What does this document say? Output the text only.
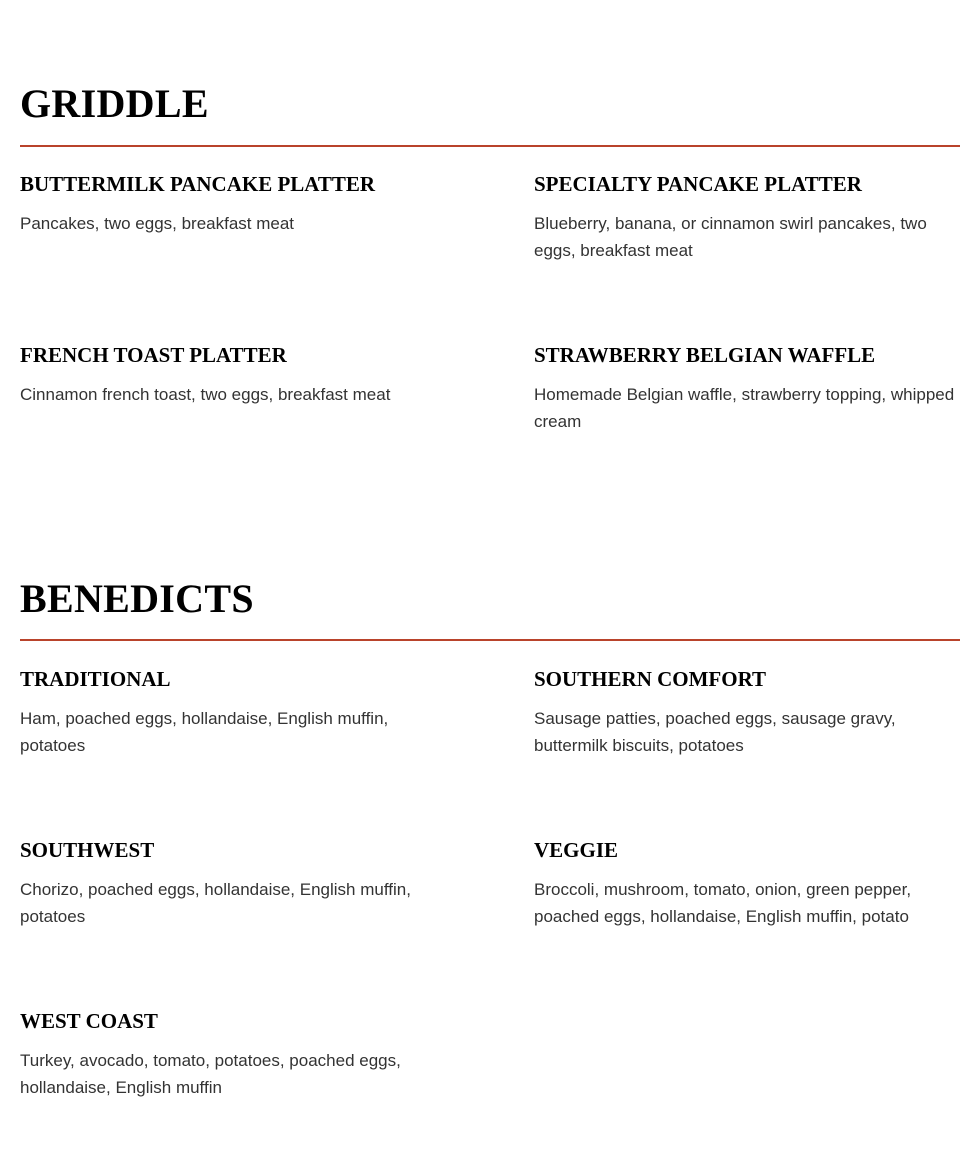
GRIDDLE
BUTTERMILK PANCAKE PLATTER

Pancakes, two eggs, breakfast meat

SPECIALTY PANCAKE PLATTER

Blueberry, banana, or cinnamon swirl pancakes, two eggs, breakfast meat

FRENCH TOAST PLATTER

Cinnamon french toast, two eggs, breakfast meat

STRAWBERRY BELGIAN WAFFLE

Homemade Belgian waffle, strawberry topping, whipped cream

BENEDICTS
TRADITIONAL

Ham, poached eggs, hollandaise, English muffin, potatoes

SOUTHERN COMFORT

Sausage patties, poached eggs, sausage gravy, buttermilk biscuits, potatoes

SOUTHWEST

Chorizo, poached eggs, hollandaise, English muffin, potatoes

VEGGIE

Broccoli, mushroom, tomato, onion, green pepper, poached eggs, hollandaise, English muffin, potato

WEST COAST

Turkey, avocado, tomato, potatoes, poached eggs, hollandaise, English muffin
